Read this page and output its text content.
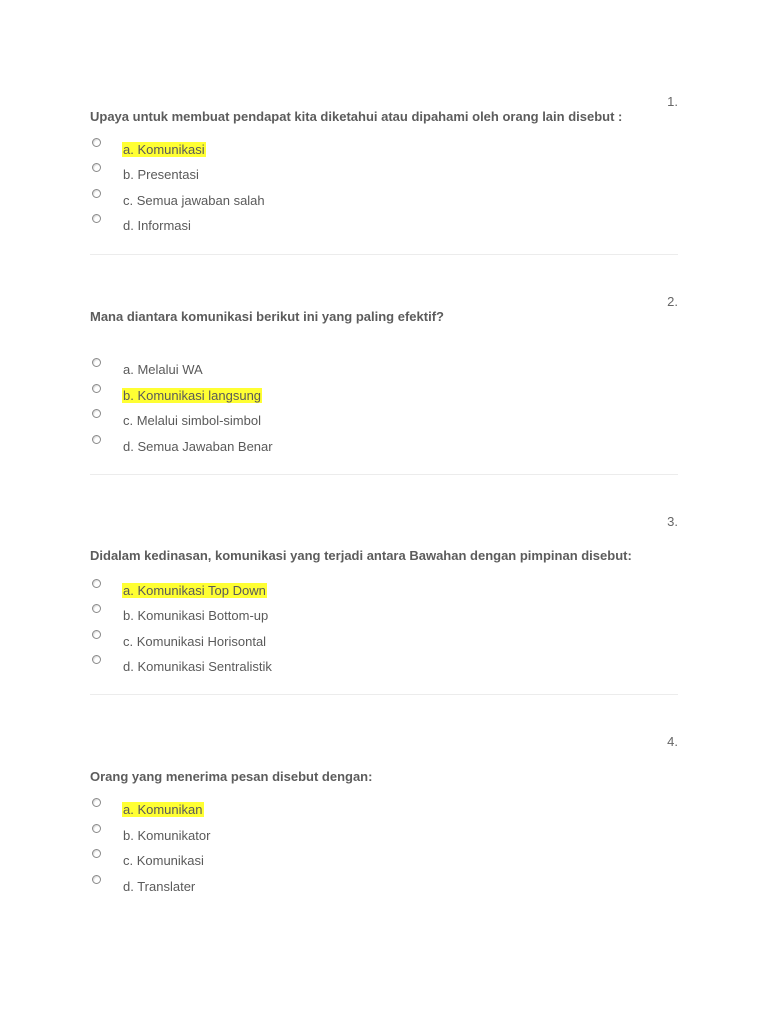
1.
Upaya untuk membuat pendapat kita diketahui atau dipahami oleh orang lain disebut :
a. Komunikasi
b. Presentasi
c. Semua jawaban salah
d. Informasi
2.
Mana diantara komunikasi berikut ini yang paling efektif?
a. Melalui WA
b. Komunikasi langsung
c. Melalui simbol-simbol
d. Semua Jawaban Benar
3.
Didalam kedinasan, komunikasi yang terjadi antara Bawahan dengan pimpinan disebut:
a. Komunikasi Top Down
b. Komunikasi Bottom-up
c. Komunikasi Horisontal
d. Komunikasi Sentralistik
4.
Orang yang menerima pesan disebut dengan:
a. Komunikan
b. Komunikator
c. Komunikasi
d. Translater
